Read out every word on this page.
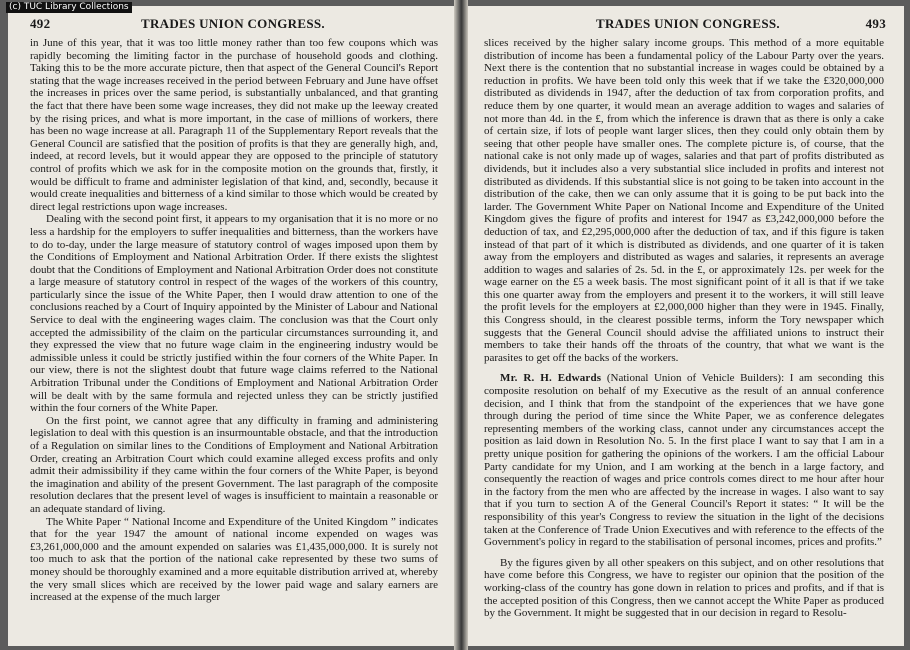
(c) TUC Library Collections
TRADES UNION CONGRESS.
492

in June of this year, that it was too little money rather than too few coupons which was rapidly becoming the limiting factor in the purchase of household goods and clothing. Taking this to be the more accurate picture, then that aspect of the General Council's Report stating that the wage increases received in the period between February and June have offset the increases in prices over the same period, is substantially unbalanced, and that granting the fact that there have been some wage increases, they did not make up the leeway created by the rising prices, and what is more important, in the case of millions of workers, there has been no wage increase at all. Paragraph 11 of the Supplementary Report reveals that the General Council are satisfied that the position of profits is that they are generally high, and, indeed, at record levels, but it would appear they are opposed to the principle of statutory control of profits which we ask for in the composite motion on the grounds that, firstly, it would be difficult to frame and administer legislation of that kind, and, secondly, because it would create inequalities and bitterness of a kind similar to those which would be created by direct legal restrictions upon wage increases.

Dealing with the second point first, it appears to my organisation that it is no more or no less a hardship for the employers to suffer inequalities and bitterness, than the workers have to do to-day, under the large measure of statutory control of wages imposed upon them by the Conditions of Employment and National Arbitration Order. If there exists the slightest doubt that the Conditions of Employment and National Arbitration Order does not constitute a large measure of statutory control in respect of the wages of the workers of this country, particularly since the issue of the White Paper, then I would draw attention to one of the conclusions reached by a Court of Inquiry appointed by the Minister of Labour and National Service to deal with the engineering wages claim. The conclusion was that the Court only accepted the admissibility of the claim on the particular circumstances surrounding it, and they expressed the view that no future wage claim in the engineering industry would be admissible unless it could be strictly justified within the four corners of the White Paper. In our view, there is not the slightest doubt that future wage claims referred to the National Arbitration Tribunal under the Conditions of Employment and National Arbitration Order will be dealt with by the same formula and rejected unless they can be strictly justified within the four corners of the White Paper.

On the first point, we cannot agree that any difficulty in framing and administering legislation to deal with this question is an insurmountable obstacle, and that the introduction of a Regulation on similar lines to the Conditions of Employment and National Arbitration Order, creating an Arbitration Court which could examine alleged excess profits and only admit their admissibility if they came within the four corners of the White Paper, is beyond the imagination and ability of the present Government. The last paragraph of the composite resolution declares that the present level of wages is insufficient to maintain a reasonable or an adequate standard of living.

The White Paper “ National Income and Expenditure of the United Kingdom ” indicates that for the year 1947 the amount of national income expended on wages was £3,261,000,000 and the amount expended on salaries was £1,435,000,000. It is surely not too much to ask that the portion of the national cake represented by these two sums of money should be thoroughly examined and a more equitable distribution arrived at, whereby the very small slices which are received by the lower paid wage and salary earners are increased at the expense of the much larger

TRADES UNION CONGRESS.	493

slices received by the higher salary income groups. This method of a more equitable distribution of income has been a fundamental policy of the Labour Party over the years. Next there is the contention that no substantial increase in wages could be obtained by a reduction in profits. We have been told only this week that if we take the £320,000,000 distributed as dividends in 1947, after the deduction of tax from corporation profits, and reduce them by one quarter, it would mean an average addition to wages and salaries of not more than 4d. in the £, from which the inference is drawn that as there is only a cake of certain size, if lots of people want larger slices, then they could only obtain them by seeing that other people have smaller ones. The complete picture is, of course, that the national cake is not only made up of wages, salaries and that part of profits distributed as dividends, but it includes also a very substantial slice included in profits and interest not distributed as dividends. If this substantial slice is not going to be taken into account in the distribution of the cake, then we can only assume that it is going to be put back into the larder. The Government White Paper on National Income and Expenditure of the United Kingdom gives the figure of profits and interest for 1947 as £3,242,000,000 before the deduction of tax, and £2,295,000,000 after the deduction of tax, and if this figure is taken instead of that part of it which is distributed as dividends, and one quarter of it is taken away from the employers and distributed as wages and salaries, it represents an average addition to wages and salaries of 2s. 5d. in the £, or approximately 12s. per week for the wage earner on the £5 a week basis. The most significant point of it all is that if we take this one quarter away from the employers and present it to the workers, it will still leave the profit levels for the employers at £2,000,000 higher than they were in 1945. Finally, this Congress should, in the clearest possible terms, inform the Tory newspaper which suggests that the General Council should advise the affiliated unions to instruct their members to take their hands off the throats of the country, that what we want is the parasites to get off the backs of the workers.

Mr. R. H. Edwards (National Union of Vehicle Builders): I am seconding this composite resolution on behalf of my Executive as the result of an annual conference decision, and I think that from the standpoint of the experiences that we have gone through during the period of time since the White Paper, we as conference delegates representing members of the working class, cannot under any circumstances accept the position as laid down in Resolution No. 5. In the first place I want to say that I am in a pretty unique position for gathering the opinions of the workers. I am the official Labour Party candidate for my Union, and I am working at the bench in a large factory, and consequently the reaction of wages and price controls comes direct to me hour after hour in the factory from the men who are affected by the increase in wages. I also want to say that if you turn to section A of the General Council's Report it states: “ It will be the responsibility of this year's Congress to review the situation in the light of the decisions taken at the Conference of Trade Union Executives and with reference to the effects of the Government's policy in regard to the stabilisation of personal incomes, prices and profits.”

By the figures given by all other speakers on this subject, and on other resolutions that have come before this Congress, we have to register our opinion that the position of the working-class of the country has gone down in relation to prices and profits, and if that is the accepted position of this Congress, then we cannot accept the White Paper as produced by the Government. It might be suggested that in our decision in regard to Resolu-
